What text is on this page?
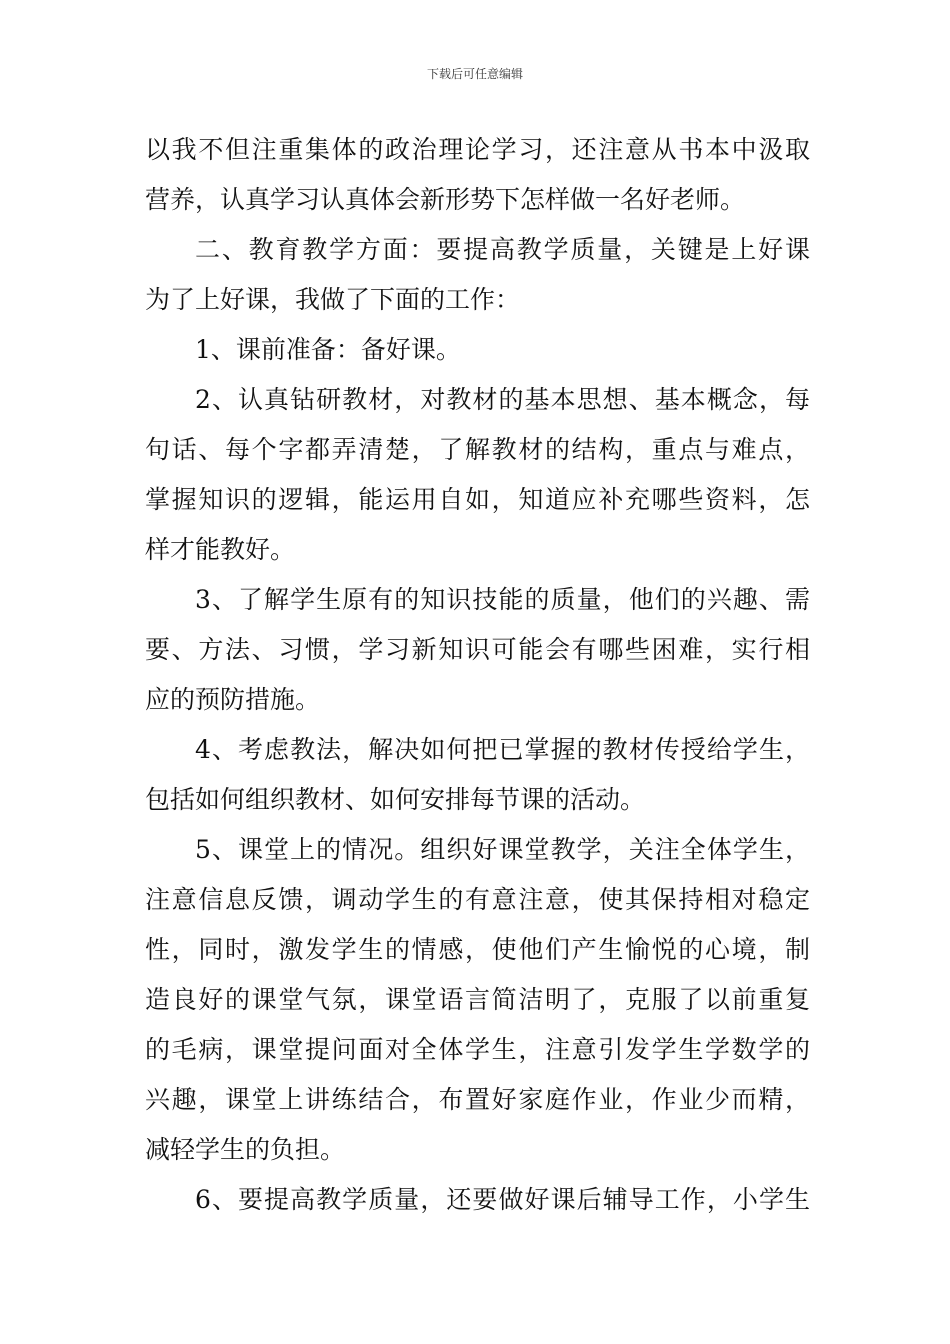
下载后可任意编辑
以我不但注重集体的政治理论学习，还注意从书本中汲取
营养，认真学习认真体会新形势下怎样做一名好老师。
二、教育教学方面：要提高教学质量，关键是上好课
为了上好课，我做了下面的工作：
1、课前准备：备好课。
2、认真钻研教材，对教材的基本思想、基本概念，每
句话、每个字都弄清楚，了解教材的结构，重点与难点，
掌握知识的逻辑，能运用自如，知道应补充哪些资料，怎
样才能教好。
3、了解学生原有的知识技能的质量，他们的兴趣、需
要、方法、习惯，学习新知识可能会有哪些困难，实行相
应的预防措施。
4、考虑教法，解决如何把已掌握的教材传授给学生，
包括如何组织教材、如何安排每节课的活动。
5、课堂上的情况。组织好课堂教学，关注全体学生，
注意信息反馈，调动学生的有意注意，使其保持相对稳定
性，同时，激发学生的情感，使他们产生愉悦的心境，制
造良好的课堂气氛，课堂语言简洁明了，克服了以前重复
的毛病，课堂提问面对全体学生，注意引发学生学数学的
兴趣，课堂上讲练结合，布置好家庭作业，作业少而精，
减轻学生的负担。
6、要提高教学质量，还要做好课后辅导工作，小学生
